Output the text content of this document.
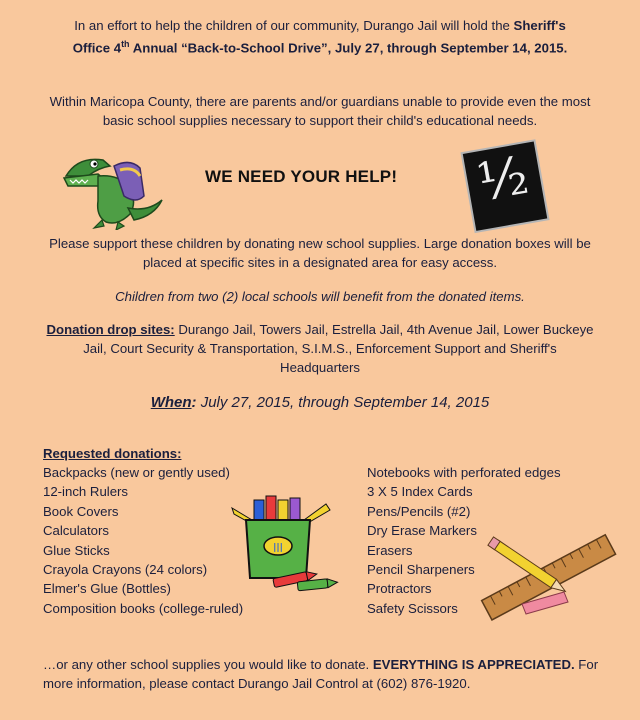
In an effort to help the children of our community, Durango Jail will hold the Sheriff's
Office 4th Annual “Back-to-School Drive”, July 27, through September 14, 2015.
Within Maricopa County, there are parents and/or guardians unable to provide even the most basic school supplies necessary to support their child's educational needs.
WE NEED YOUR HELP! ½
Please support these children by donating new school supplies. Large donation boxes will be placed at specific sites in a designated area for easy access.
Children from two (2) local schools will benefit from the donated items.
Donation drop sites: Durango Jail, Towers Jail, Estrella Jail, 4th Avenue Jail, Lower Buckeye Jail, Court Security & Transportation, S.I.M.S., Enforcement Support and Sheriff's Headquarters
When: July 27, 2015, through September 14, 2015
Requested donations:
Backpacks (new or gently used)
12-inch Rulers
Book Covers
Calculators
Glue Sticks
Crayola Crayons (24 colors)
Elmer's Glue (Bottles)
Composition books (college-ruled)
Notebooks with perforated edges
3 X 5 Index Cards
Pens/Pencils (#2)
Dry Erase Markers
Erasers
Pencil Sharpeners
Protractors
Safety Scissors
|||
…or any other school supplies you would like to donate. EVERYTHING IS APPRECIATED. For more information, please contact Durango Jail Control at (602) 876-1920.
